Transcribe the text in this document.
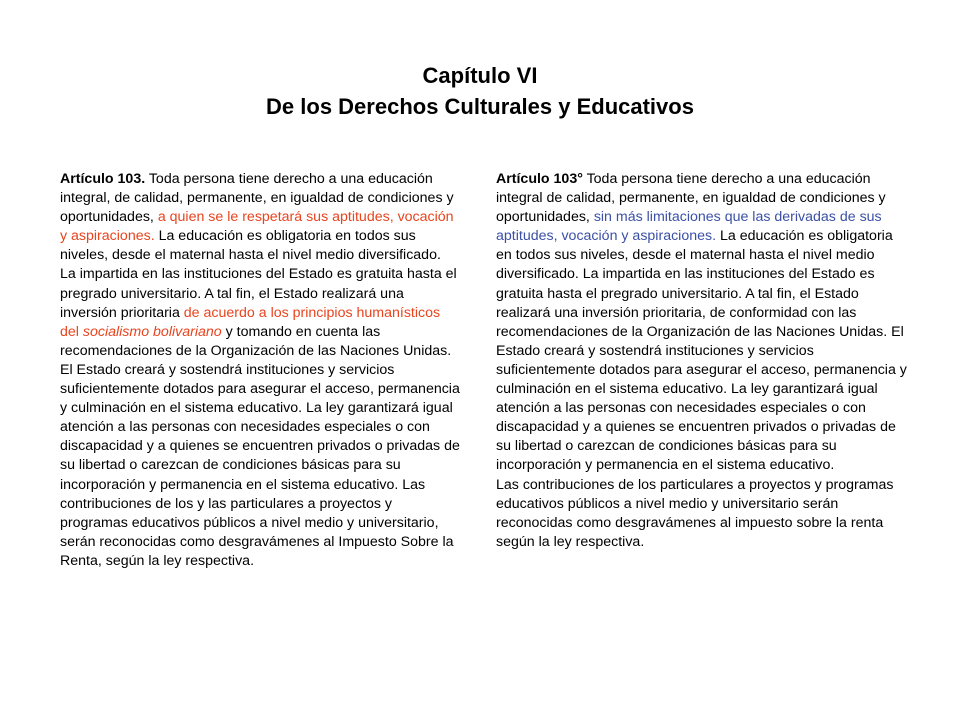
Capítulo VI
De los Derechos Culturales y Educativos

Artículo 103. Toda persona tiene derecho a una educación integral, de calidad, permanente, en igualdad de condiciones y oportunidades, a quien se le respetará sus aptitudes, vocación y aspiraciones. La educación es obligatoria en todos sus niveles, desde el maternal hasta el nivel medio diversificado. La impartida en las instituciones del Estado es gratuita hasta el pregrado universitario. A tal fin, el Estado realizará una inversión prioritaria de acuerdo a los principios humanísticos del socialismo bolivariano y tomando en cuenta las recomendaciones de la Organización de las Naciones Unidas. El Estado creará y sostendrá instituciones y servicios suficientemente dotados para asegurar el acceso, permanencia y culminación en el sistema educativo. La ley garantizará igual atención a las personas con necesidades especiales o con discapacidad y a quienes se encuentren privados o privadas de su libertad o carezcan de condiciones básicas para su incorporación y permanencia en el sistema educativo. Las contribuciones de los y las particulares a proyectos y programas educativos públicos a nivel medio y universitario, serán reconocidas como desgravámenes al Impuesto Sobre la Renta, según la ley respectiva.

Artículo 103° Toda persona tiene derecho a una educación integral de calidad, permanente, en igualdad de condiciones y oportunidades, sin más limitaciones que las derivadas de sus aptitudes, vocación y aspiraciones. La educación es obligatoria en todos sus niveles, desde el maternal hasta el nivel medio diversificado. La impartida en las instituciones del Estado es gratuita hasta el pregrado universitario. A tal fin, el Estado realizará una inversión prioritaria, de conformidad con las recomendaciones de la Organización de las Naciones Unidas. El Estado creará y sostendrá instituciones y servicios suficientemente dotados para asegurar el acceso, permanencia y culminación en el sistema educativo. La ley garantizará igual atención a las personas con necesidades especiales o con discapacidad y a quienes se encuentren privados o privadas de su libertad o carezcan de condiciones básicas para su incorporación y permanencia en el sistema educativo.

Las contribuciones de los particulares a proyectos y programas educativos públicos a nivel medio y universitario serán reconocidas como desgravámenes al impuesto sobre la renta según la ley respectiva.
